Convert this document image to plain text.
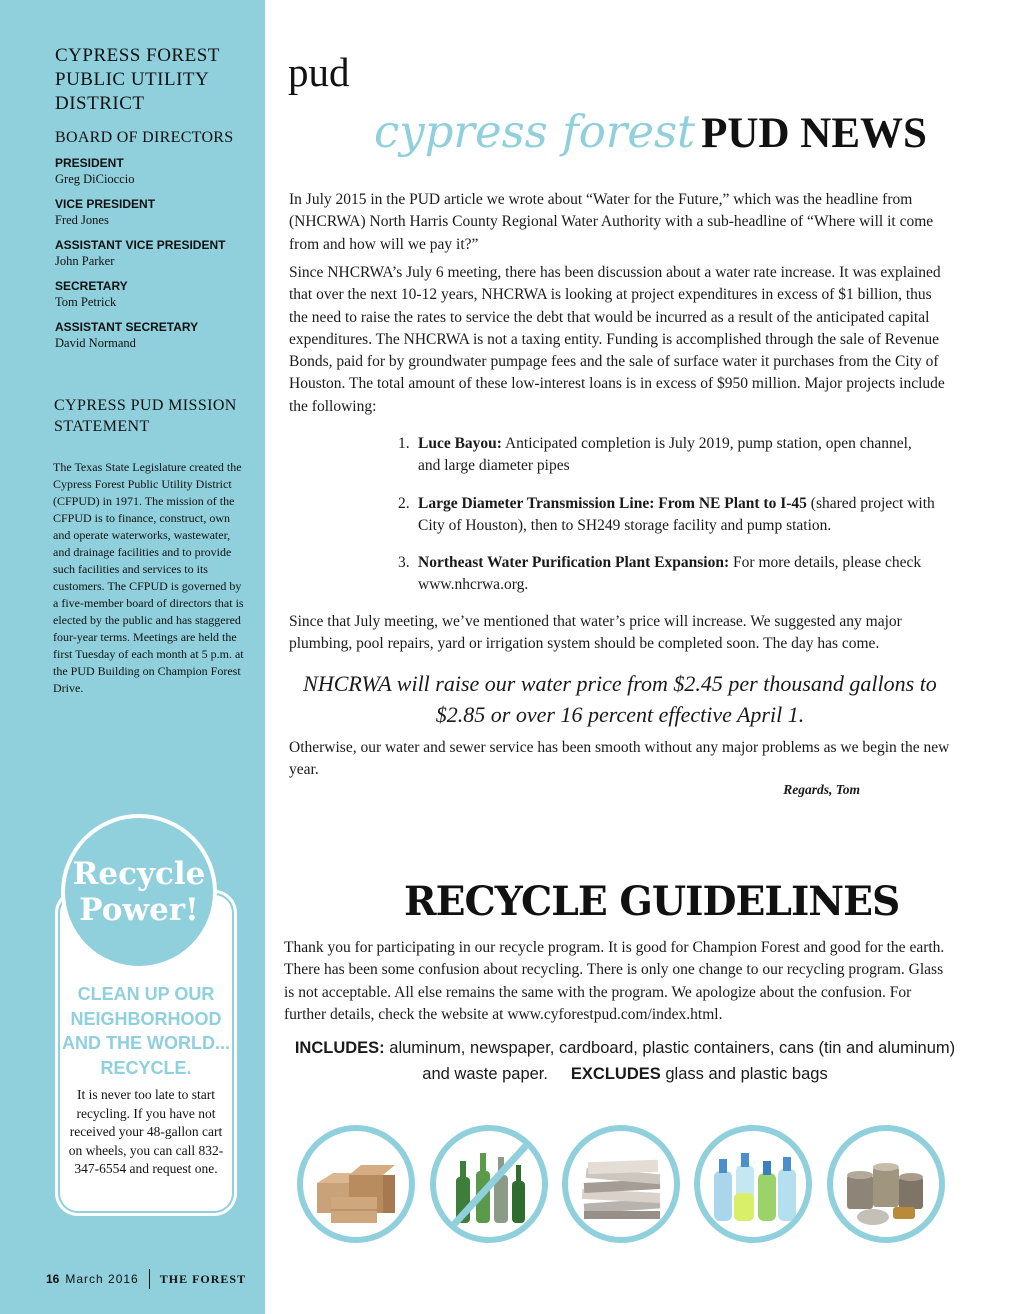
CYPRESS FOREST PUBLIC UTILITY DISTRICT
BOARD OF DIRECTORS
PRESIDENT
Greg DiCioccio
VICE PRESIDENT
Fred Jones
ASSISTANT VICE PRESIDENT
John Parker
SECRETARY
Tom Petrick
ASSISTANT SECRETARY
David Normand
CYPRESS PUD MISSION STATEMENT
The Texas State Legislature created the Cypress Forest Public Utility District (CFPUD) in 1971. The mission of the CFPUD is to finance, construct, own and operate waterworks, wastewater, and drainage facilities and to provide such facilities and services to its customers. The CFPUD is governed by a five-member board of directors that is elected by the public and has staggered four-year terms. Meetings are held the first Tuesday of each month at 5 p.m. at the PUD Building on Champion Forest Drive.
Recycle Power!
CLEAN UP OUR NEIGHBORHOOD AND THE WORLD... RECYCLE.
It is never too late to start recycling. If you have not received your 48-gallon cart on wheels, you can call 832-347-6554 and request one.
16 March 2016 THE FOREST
pud
cypress forest PUD NEWS

In July 2015 in the PUD article we wrote about “Water for the Future,” which was the headline from (NHCRWA) North Harris County Regional Water Authority with a sub-headline of “Where will it come from and how will we pay it?”

Since NHCRWA’s July 6 meeting, there has been discussion about a water rate increase. It was explained that over the next 10-12 years, NHCRWA is looking at project expenditures in excess of $1 billion, thus the need to raise the rates to service the debt that would be incurred as a result of the anticipated capital expenditures. The NHCRWA is not a taxing entity. Funding is accomplished through the sale of Revenue Bonds, paid for by groundwater pumpage fees and the sale of surface water it purchases from the City of Houston. The total amount of these low-interest loans is in excess of $950 million. Major projects include the following:

1. Luce Bayou: Anticipated completion is July 2019, pump station, open channel, and large diameter pipes
2. Large Diameter Transmission Line: From NE Plant to I-45 (shared project with City of Houston), then to SH249 storage facility and pump station.
3. Northeast Water Purification Plant Expansion: For more details, please check www.nhcrwa.org.

Since that July meeting, we’ve mentioned that water’s price will increase. We suggested any major plumbing, pool repairs, yard or irrigation system should be completed soon. The day has come.

NHCRWA will raise our water price from $2.45 per thousand gallons to $2.85 or over 16 percent effective April 1.

Otherwise, our water and sewer service has been smooth without any major problems as we begin the new year.

Regards, Tom
RECYCLE GUIDELINES

Thank you for participating in our recycle program. It is good for Champion Forest and good for the earth. There has been some confusion about recycling. There is only one change to our recycling program. Glass is not acceptable. All else remains the same with the program. We apologize about the confusion. For further details, check the website at www.cyforestpud.com/index.html.

INCLUDES: aluminum, newspaper, cardboard, plastic containers, cans (tin and aluminum) and waste paper. EXCLUDES glass and plastic bags
